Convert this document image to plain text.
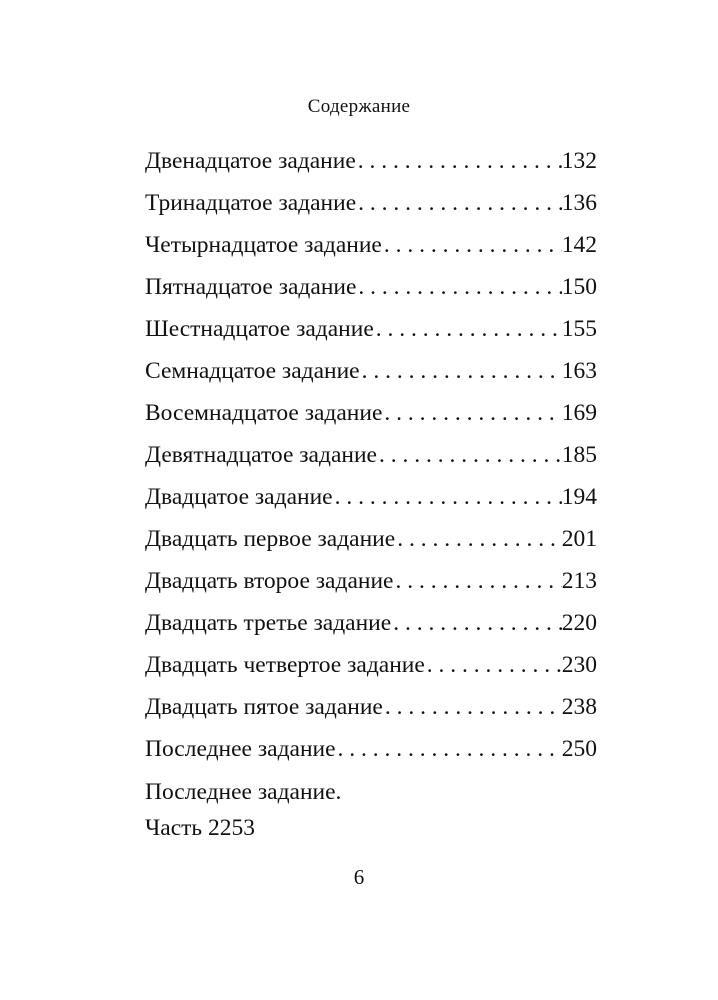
Содержание
Двенадцатое задание . . .	132
Тринадцатое задание . . .	136
Четырнадцатое задание . . .	142
Пятнадцатое задание . . .	150
Шестнадцатое задание . . .	155
Семнадцатое задание . . .	163
Восемнадцатое задание . . .	169
Девятнадцатое задание . . .	185
Двадцатое задание . . .	194
Двадцать первое задание . . .	201
Двадцать второе задание . . .	213
Двадцать третье задание . . .	220
Двадцать четвертое задание . . .	230
Двадцать пятое задание . . .	238
Последнее задание . . .	250
Последнее задание.
Часть 2 253
6
